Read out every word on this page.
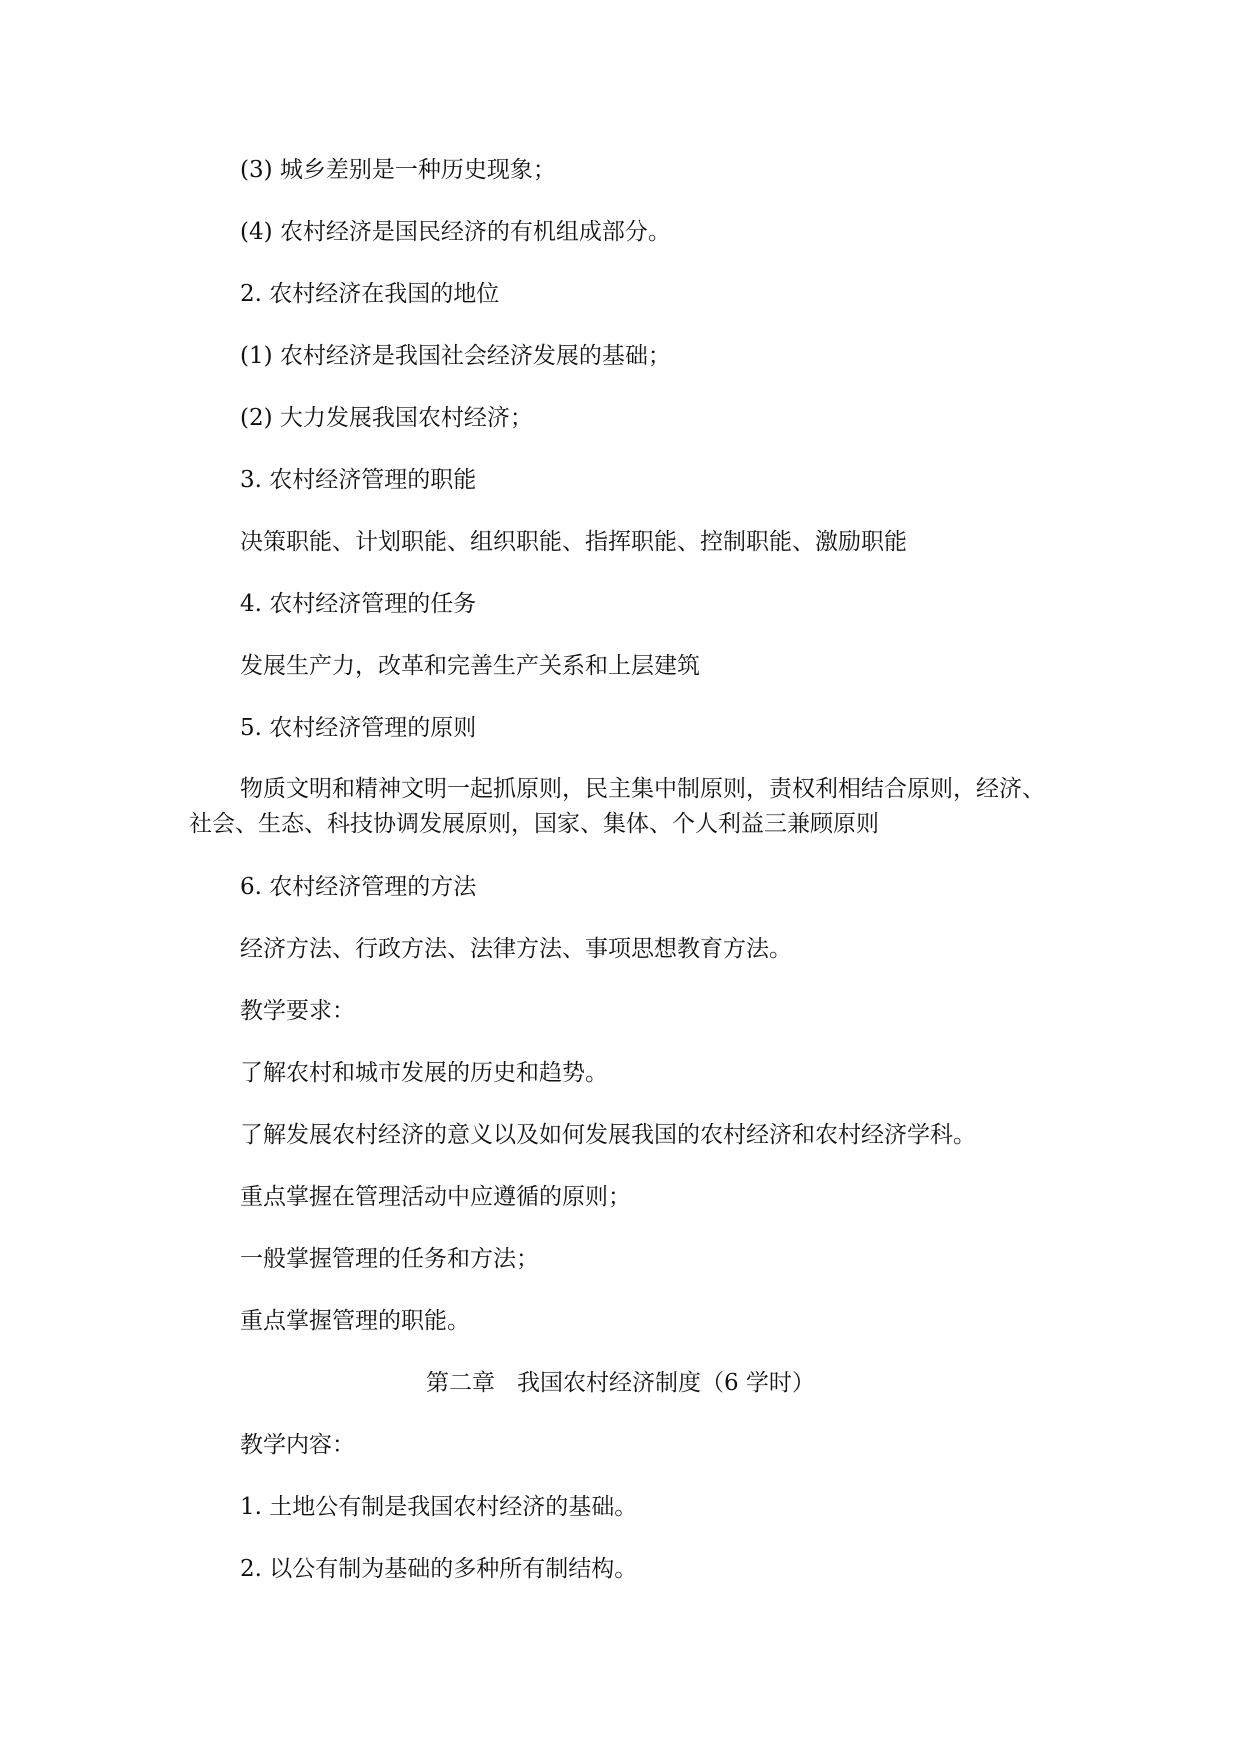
(3) 城乡差别是一种历史现象；
(4) 农村经济是国民经济的有机组成部分。
2. 农村经济在我国的地位
(1) 农村经济是我国社会经济发展的基础；
(2) 大力发展我国农村经济；
3. 农村经济管理的职能
决策职能、计划职能、组织职能、指挥职能、控制职能、激励职能
4. 农村经济管理的任务
发展生产力，改革和完善生产关系和上层建筑
5. 农村经济管理的原则
物质文明和精神文明一起抓原则，民主集中制原则，责权利相结合原则，经济、社会、生态、科技协调发展原则，国家、集体、个人利益三兼顾原则
6. 农村经济管理的方法
经济方法、行政方法、法律方法、事项思想教育方法。
教学要求：
了解农村和城市发展的历史和趋势。
了解发展农村经济的意义以及如何发展我国的农村经济和农村经济学科。
重点掌握在管理活动中应遵循的原则；
一般掌握管理的任务和方法；
重点掌握管理的职能。
第二章   我国农村经济制度（6 学时）
教学内容：
1. 土地公有制是我国农村经济的基础。
2. 以公有制为基础的多种所有制结构。
